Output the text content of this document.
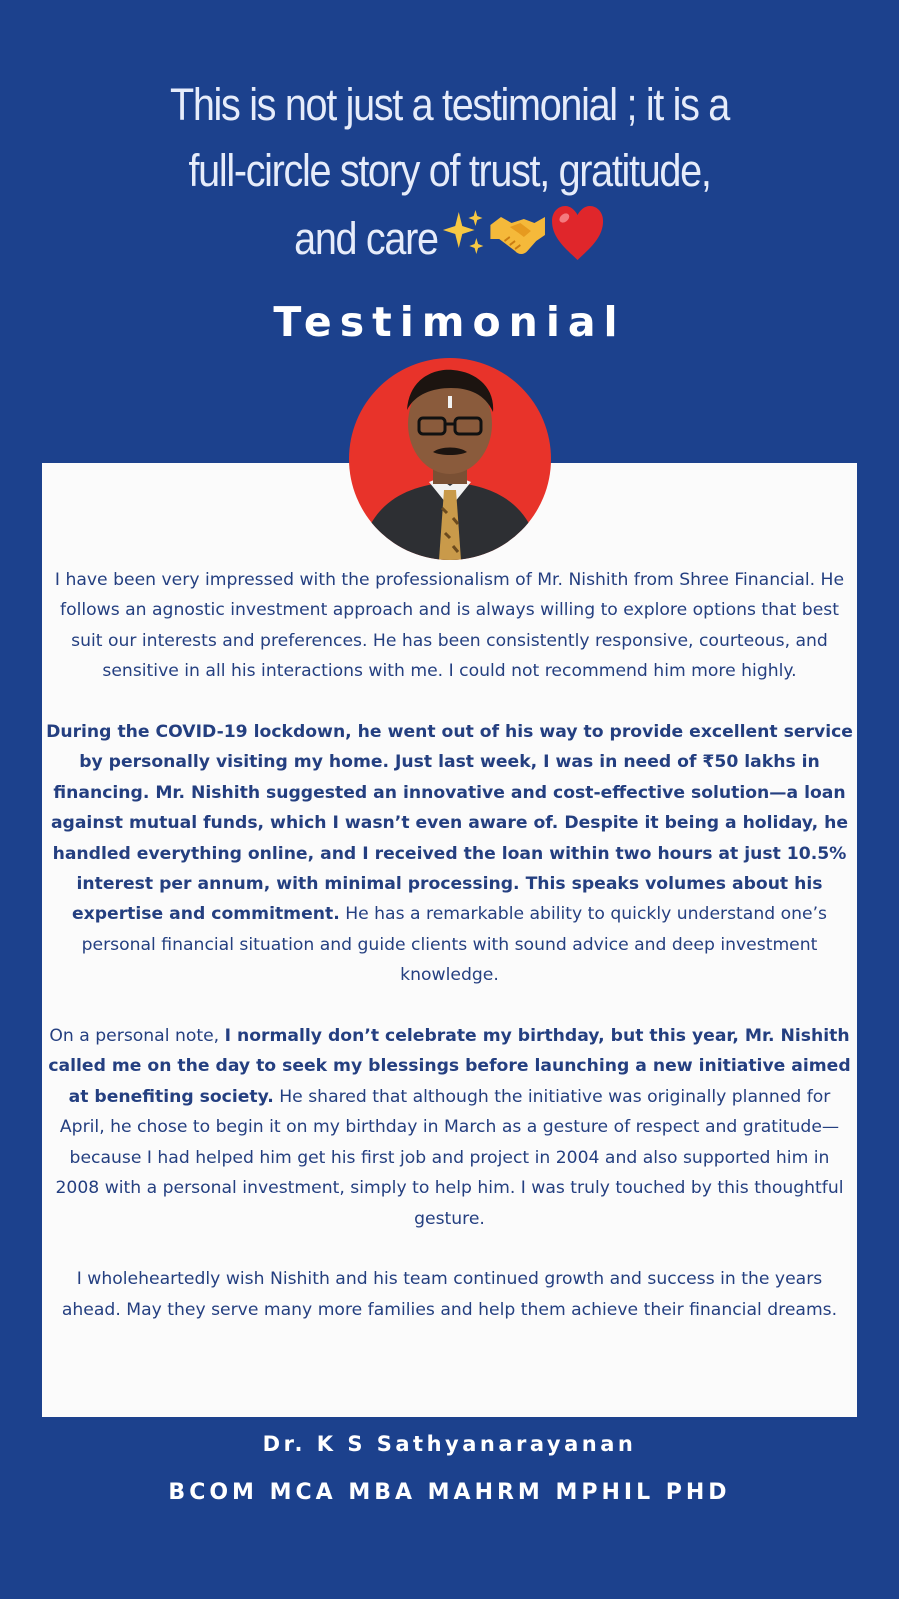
This is not just a testimonial ; it is a
full-circle story of trust, gratitude,
and care
Testimonial

I have been very impressed with the professionalism of Mr. Nishith from Shree Financial. He follows an agnostic investment approach and is always willing to explore options that best suit our interests and preferences. He has been consistently responsive, courteous, and sensitive in all his interactions with me. I could not recommend him more highly.

During the COVID-19 lockdown, he went out of his way to provide excellent service by personally visiting my home. Just last week, I was in need of ₹50 lakhs in financing. Mr. Nishith suggested an innovative and cost-effective solution—a loan against mutual funds, which I wasn’t even aware of. Despite it being a holiday, he handled everything online, and I received the loan within two hours at just 10.5% interest per annum, with minimal processing. This speaks volumes about his expertise and commitment. He has a remarkable ability to quickly understand one’s personal financial situation and guide clients with sound advice and deep investment knowledge.

On a personal note, I normally don’t celebrate my birthday, but this year, Mr. Nishith called me on the day to seek my blessings before launching a new initiative aimed at benefiting society. He shared that although the initiative was originally planned for April, he chose to begin it on my birthday in March as a gesture of respect and gratitude—because I had helped him get his first job and project in 2004 and also supported him in 2008 with a personal investment, simply to help him. I was truly touched by this thoughtful gesture.

I wholeheartedly wish Nishith and his team continued growth and success in the years ahead. May they serve many more families and help them achieve their financial dreams.

Dr. K S Sathyanarayanan
BCOM MCA MBA MAHRM MPHIL PHD
